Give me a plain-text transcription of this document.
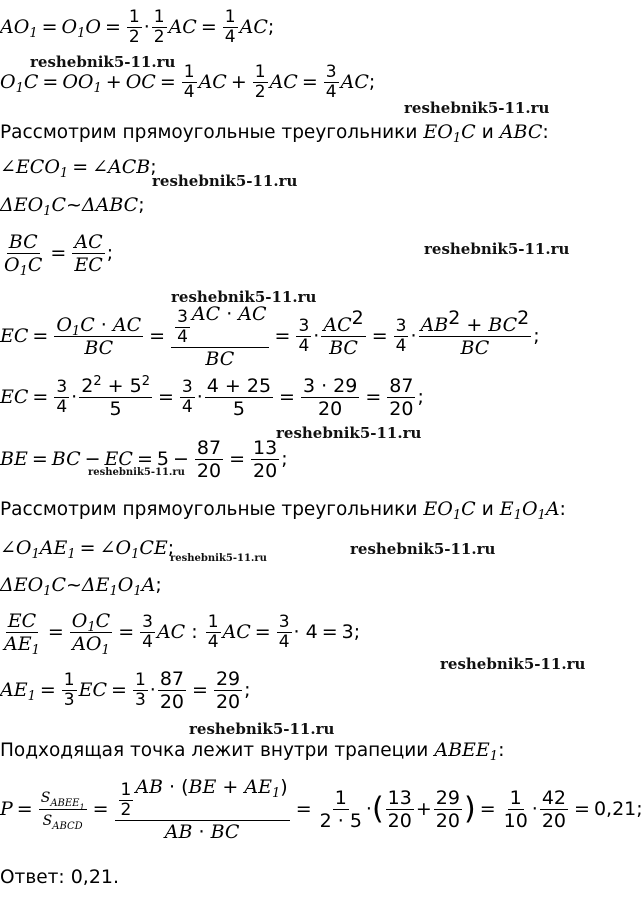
reshebnik5-11.ru
reshebnik5-11.ru
reshebnik5-11.ru
reshebnik5-11.ru
reshebnik5-11.ru
reshebnik5-11.ru
reshebnik5-11.ru
reshebnik5-11.ru
reshebnik5-11.ru
reshebnik5-11.ru
reshebnik5-11.ru
$AO_1 = O_1O = \frac{1}{2} \cdot \frac{1}{2}$ AC = $\frac{1}{4}$ AC;
$O_1C = OO_1$ + OC = $\frac{1}{4}$ AC + $\frac{1}{2}$ AC = $\frac{3}{4}$ AC;
Рассмотрим прямоугольные треугольники $EO_1C$ и ABC:
$\angle ECO_1$ = ∠ACB;
$\Delta EO_1C\sim\Delta ABC$;
$\frac{BC}{O_1C} = \frac{AC}{EC}$ ;
EC = $\frac{O_1C \cdot AC}{BC} = \frac{\frac{3}{4} AC \cdot AC}{BC} = \frac{3}{4} \cdot \frac{AC^2}{BC} = \frac{3}{4} \cdot \frac{AB^2 + BC^2}{BC}$ ;
EC = $\frac{3}{4} \cdot \frac{2^2 + 5^2}{5} = \frac{3}{4} \cdot \frac{4 + 25}{5} = \frac{3 \cdot 29}{20} = \frac{87}{20}$ ;
BE = BC − EC = $5 - \frac{87}{20} = \frac{13}{20}$ ;
Рассмотрим прямоугольные треугольники $EO_1C$ и $E_1O_1A$:
$\angle O_1AE_1$ = $\angle O_1CE$;
$\Delta EO_1C\sim\Delta E_1O_1A$;
$\frac{EC}{AE_1} = \frac{O_1C}{AO_1} = \frac{3}{4}$ AC : $\frac{1}{4}$ AC = $\frac{3}{4} \cdot 4 = 3$;
$AE_1 = \frac{1}{3}$ EC = $\frac{1}{3} \cdot \frac{87}{20} = \frac{29}{20}$ ;
Подходящая точка лежит внутри трапеции $ABEE_1$:
$P = \frac{S_{ABEE_1}}{S_{ABCD}} = \frac{\frac{1}{2} AB \cdot (BE + AE_1)}{AB \cdot BC} = \frac{1}{2 \cdot 5}$ ·( $\frac{13}{20} + \frac{29}{20}$ ) = $\frac{1}{10} \cdot \frac{42}{20} = 0,21$;
Ответ: 0,21.
